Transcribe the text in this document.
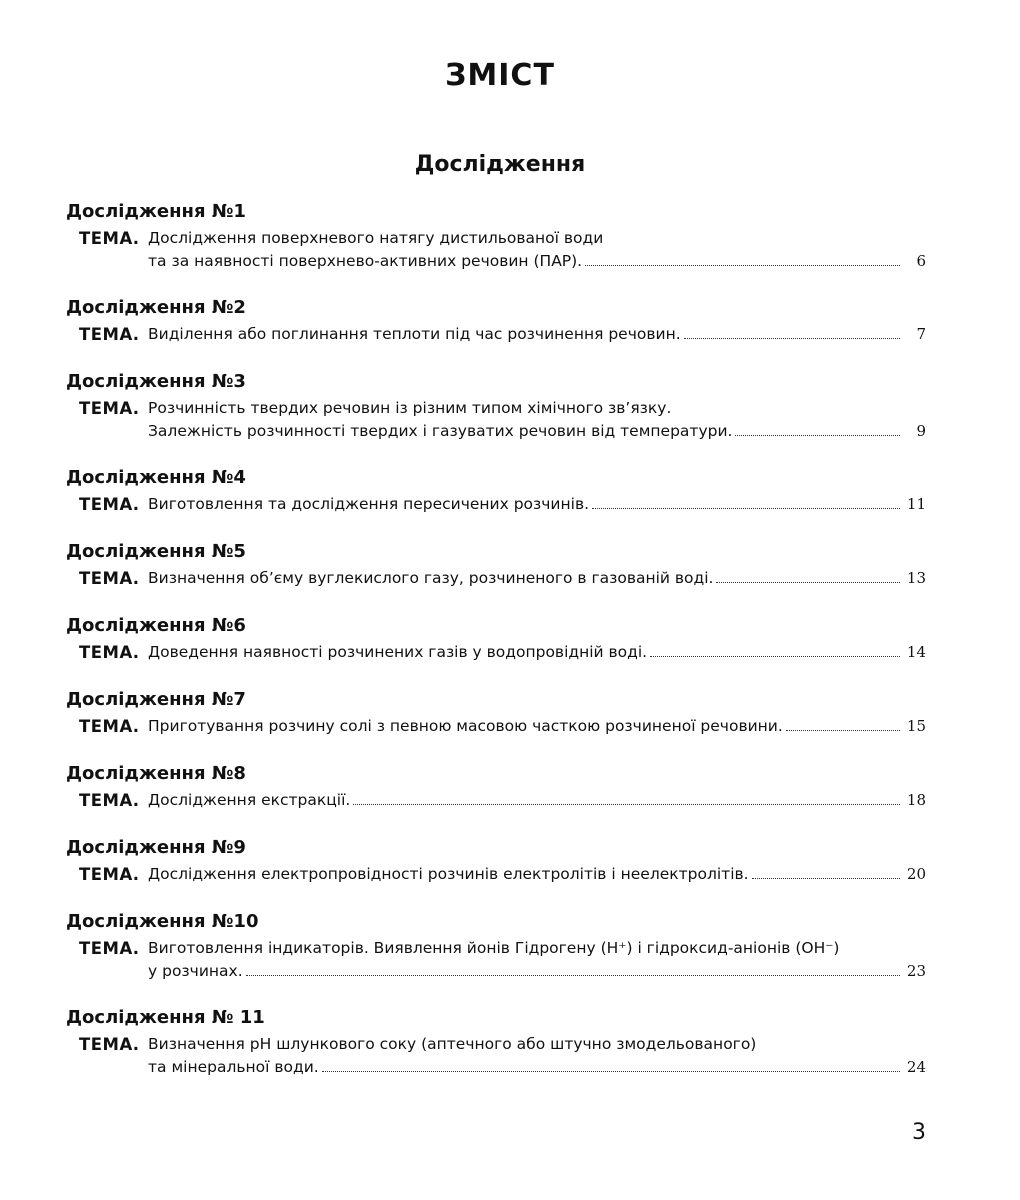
ЗМІСТ
Дослідження
Дослідження №1
ТЕМА. Дослідження поверхневого натягу дистильованої води
та за наявності поверхнево-активних речовин (ПАР).	6
Дослідження №2
ТЕМА. Виділення або поглинання теплоти під час розчинення речовин.	7
Дослідження №3
ТЕМА. Розчинність твердих речовин із різним типом хімічного зв’язку.
Залежність розчинності твердих і газуватих речовин від температури.	9
Дослідження №4
ТЕМА. Виготовлення та дослідження пересичених розчинів.	11
Дослідження №5
ТЕМА. Визначення об’єму вуглекислого газу, розчиненого в газованій воді.	13
Дослідження №6
ТЕМА. Доведення наявності розчинених газів у водопровідній воді.	14
Дослідження №7
ТЕМА. Приготування розчину солі з певною масовою часткою розчиненої речовини.	15
Дослідження №8
ТЕМА. Дослідження екстракції.	18
Дослідження №9
ТЕМА. Дослідження електропровідності розчинів електролітів і неелектролітів.	20
Дослідження №10
ТЕМА. Виготовлення індикаторів. Виявлення йонів Гідрогену (H⁺) і гідроксид-аніонів (OH⁻)
у розчинах.	23
Дослідження № 11
ТЕМА. Визначення pH шлункового соку (аптечного або штучно змодельованого)
та мінеральної води.	24

3
